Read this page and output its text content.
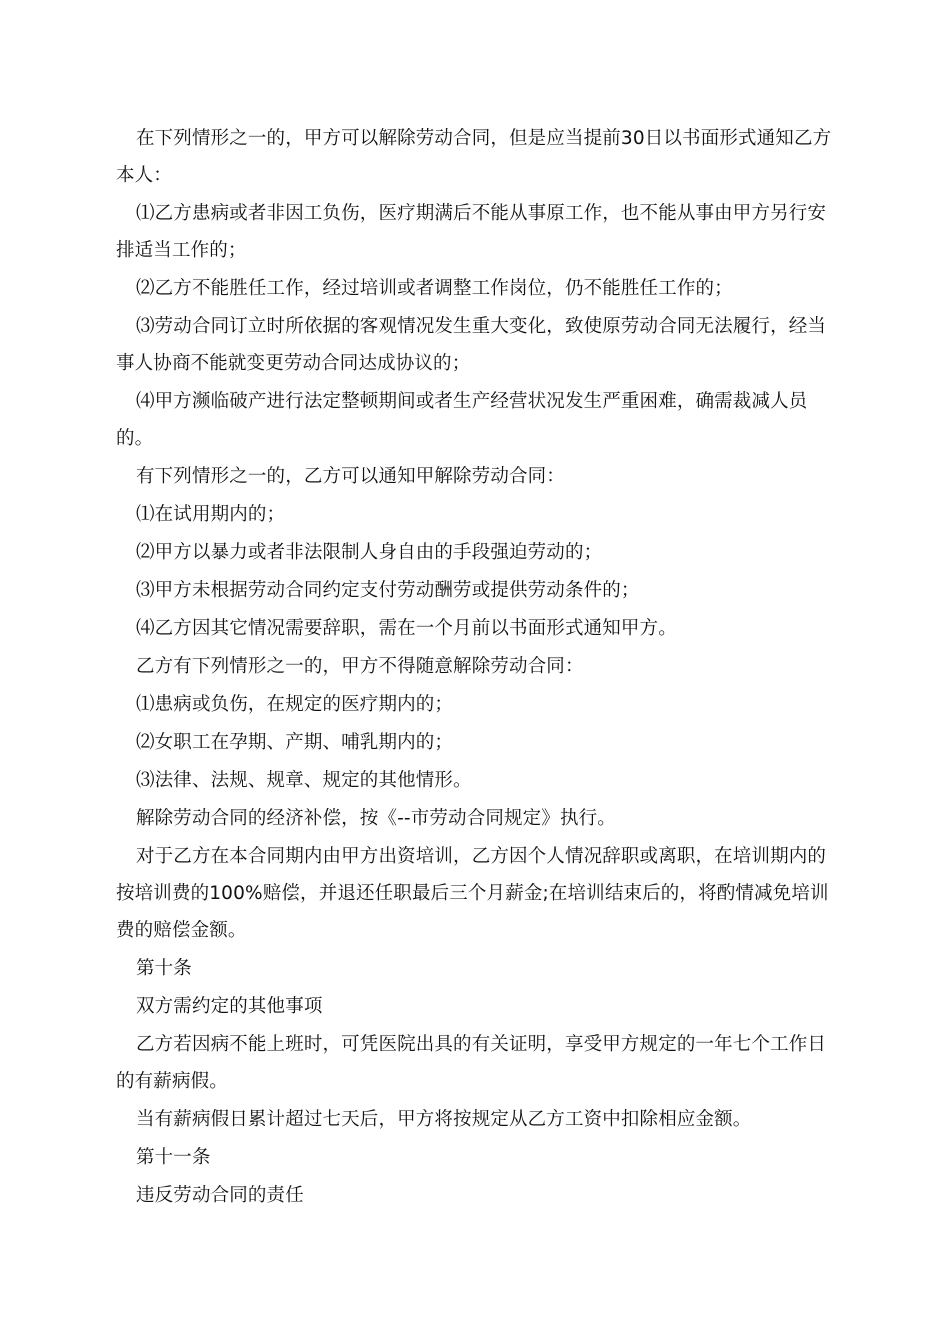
在下列情形之一的，甲方可以解除劳动合同，但是应当提前30日以书面形式通知乙方本人：

⑴乙方患病或者非因工负伤，医疗期满后不能从事原工作，也不能从事由甲方另行安排适当工作的；

⑵乙方不能胜任工作，经过培训或者调整工作岗位，仍不能胜任工作的；

⑶劳动合同订立时所依据的客观情况发生重大变化，致使原劳动合同无法履行，经当事人协商不能就变更劳动合同达成协议的；

⑷甲方濒临破产进行法定整顿期间或者生产经营状况发生严重困难，确需裁减人员的。

有下列情形之一的，乙方可以通知甲解除劳动合同：

⑴在试用期内的；

⑵甲方以暴力或者非法限制人身自由的手段强迫劳动的；

⑶甲方未根据劳动合同约定支付劳动酬劳或提供劳动条件的；

⑷乙方因其它情况需要辞职，需在一个月前以书面形式通知甲方。

乙方有下列情形之一的，甲方不得随意解除劳动合同：

⑴患病或负伤，在规定的医疗期内的；

⑵女职工在孕期、产期、哺乳期内的；

⑶法律、法规、规章、规定的其他情形。

解除劳动合同的经济补偿，按《--市劳动合同规定》执行。

对于乙方在本合同期内由甲方出资培训，乙方因个人情况辞职或离职，在培训期内的按培训费的100%赔偿，并退还任职最后三个月薪金;在培训结束后的，将酌情减免培训费的赔偿金额。

第十条

双方需约定的其他事项

乙方若因病不能上班时，可凭医院出具的有关证明，享受甲方规定的一年七个工作日的有薪病假。

当有薪病假日累计超过七天后，甲方将按规定从乙方工资中扣除相应金额。

第十一条

违反劳动合同的责任
